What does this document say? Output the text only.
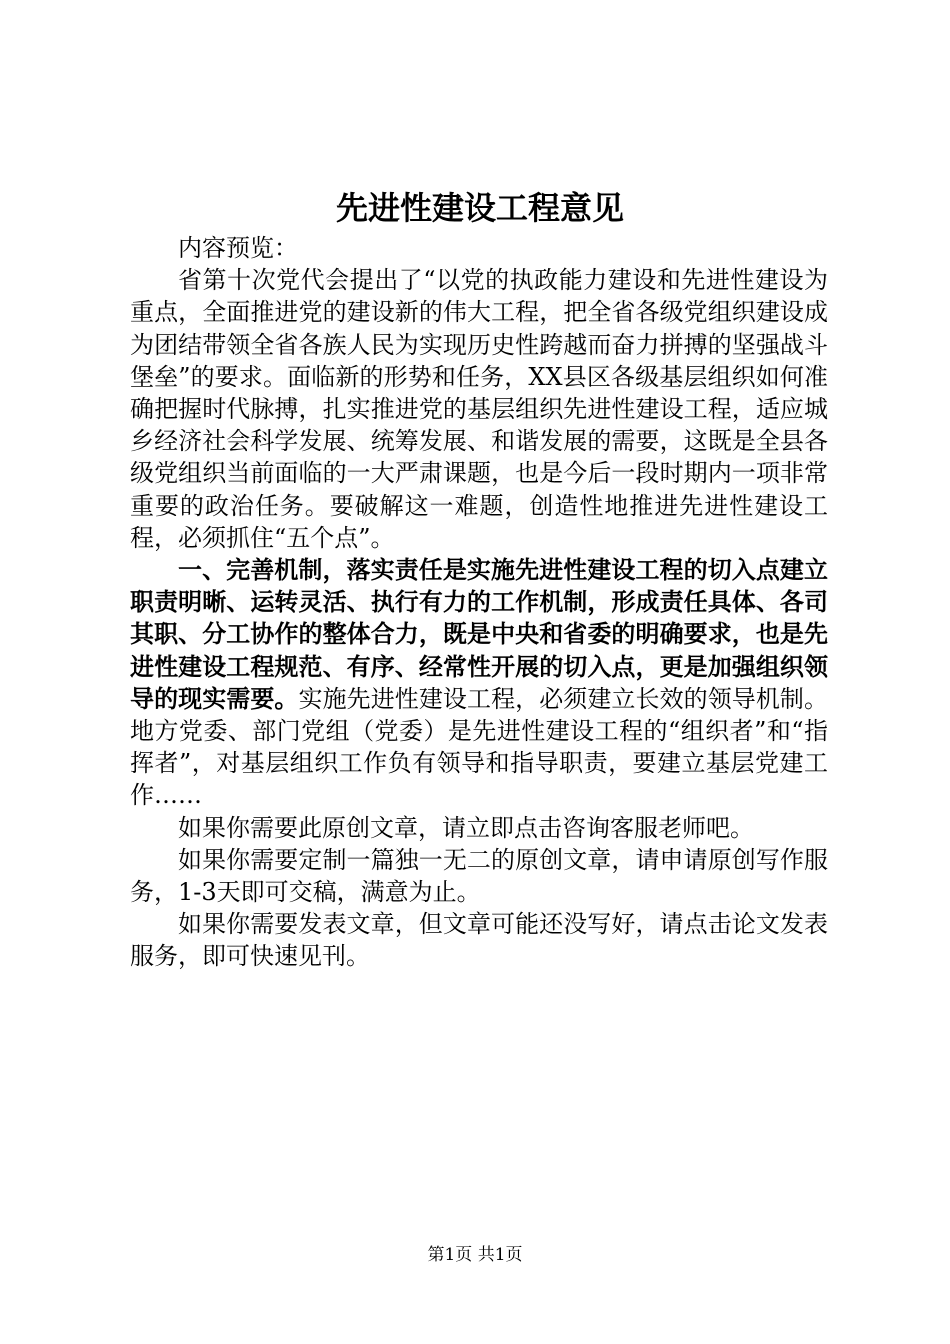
先进性建设工程意见

内容预览：

省第十次党代会提出了“以党的执政能力建设和先进性建设为重点，全面推进党的建设新的伟大工程，把全省各级党组织建设成为团结带领全省各族人民为实现历史性跨越而奋力拼搏的坚强战斗堡垒”的要求。面临新的形势和任务，XX县区各级基层组织如何准确把握时代脉搏，扎实推进党的基层组织先进性建设工程，适应城乡经济社会科学发展、统筹发展、和谐发展的需要，这既是全县各级党组织当前面临的一大严肃课题，也是今后一段时期内一项非常重要的政治任务。要破解这一难题，创造性地推进先进性建设工程，必须抓住“五个点”。

一、完善机制，落实责任是实施先进性建设工程的切入点建立职责明晰、运转灵活、执行有力的工作机制，形成责任具体、各司其职、分工协作的整体合力，既是中央和省委的明确要求，也是先进性建设工程规范、有序、经常性开展的切入点，更是加强组织领导的现实需要。实施先进性建设工程，必须建立长效的领导机制。地方党委、部门党组（党委）是先进性建设工程的“组织者”和“指挥者”，对基层组织工作负有领导和指导职责，要建立基层党建工作……

如果你需要此原创文章，请立即点击咨询客服老师吧。

如果你需要定制一篇独一无二的原创文章，请申请原创写作服务，1-3天即可交稿，满意为止。

如果你需要发表文章，但文章可能还没写好，请点击论文发表服务，即可快速见刊。

第1页 共1页
